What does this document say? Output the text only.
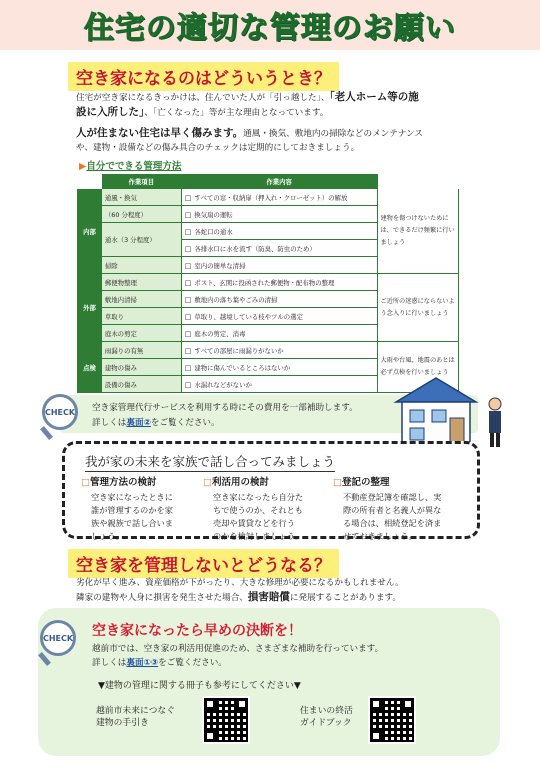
住宅の適切な管理のお願い
空き家になるのはどういうとき？
住宅が空き家になるきっかけは、住んでいた人が「引っ越した」、「老人ホーム等の施
設に入所した」、「亡くなった」等が主な理由となっています。
人が住まない住宅は早く傷みます。通風・換気、敷地内の掃除などのメンテナンス
や、建物・設備などの傷み具合のチェックは定期的にしておきましょう。
▶自分でできる管理方法
	作業項目	作業内容	
内部	通風・換気	□ すべての窓・収納扉（押入れ・クローゼット）の解放	建物を傷つけないためには、できるだけ頻繁に行いましょう
	（60 分程度）	□ 換気扇の運転	
	通水（3 分程度）	□ 各蛇口の通水	
		□ 各排水口に水を流す（防臭、防虫のため）	
	掃除	□ 室内の簡単な清掃	
外部	郵便物整理	□ ポスト、玄関に投函された郵便物・配布物の整理	ご近所の迷惑にならないよう念入りに行いましょう
	敷地内清掃	□ 敷地内の落ち葉やごみの清掃	
	草取り	□ 草取り、越境している枝やツルの選定	
	庭木の剪定	□ 庭木の剪定、消毒	
点検	雨漏りの有無	□ すべての部屋に雨漏りがないか	大雨や台風、地震のあとは必ず点検を行いましょう
	建物の傷み	□ 建物に傷んでいるところはないか	
	設備の傷み	□ 水漏れなどがないか	
空き家管理代行サービスを利用する時にその費用を一部補助します。
詳しくは裏面②をご覧ください。
CHECK
我が家の未来を家族で話し合ってみましょう
□管理方法の検討
空き家になったときに
誰が管理するのかを家
族や親族で話し合いま
しょう。
□利活用の検討
空き家になったら自分た
ちで使うのか、それとも
売却や賃貸などを行う
のかを検討しましょう。
□登記の整理
不動産登記簿を確認し、実
際の所有者と名義人が異な
る場合は、相続登記を済ま
せておきましょう。
空き家を管理しないとどうなる？
劣化が早く進み、資産価格が下がったり、大きな修理が必要になるかもしれません。
隣家の建物や人身に損害を発生させた場合、損害賠償に発展することがあります。
空き家になったら早めの決断を！
越前市では、空き家の利活用促進のため、さまざまな補助を行っています。
詳しくは裏面①③をご覧ください。
▼建物の管理に関する冊子も参考にしてください▼
越前市未来につなぐ
建物の手引き
住まいの終活
ガイドブック
CHECK
